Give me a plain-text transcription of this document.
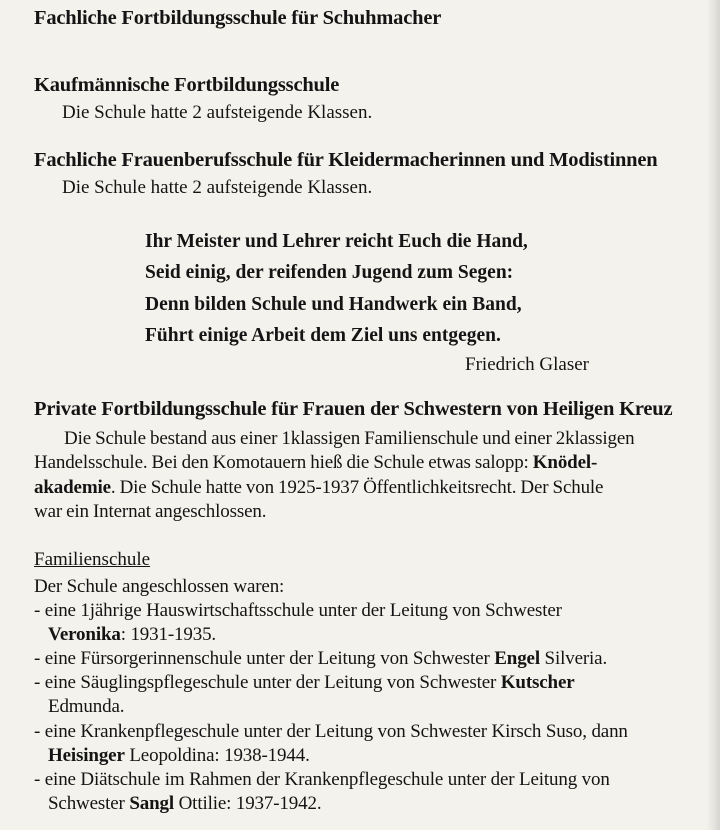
Fachliche Fortbildungsschule für Schuhmacher
Kaufmännische Fortbildungsschule
Die Schule hatte 2 aufsteigende Klassen.
Fachliche Frauenberufsschule für Kleidermacherinnen und Modistinnen
Die Schule hatte 2 aufsteigende Klassen.
Ihr Meister und Lehrer reicht Euch die Hand,
Seid einig, der reifenden Jugend zum Segen:
Denn bilden Schule und Handwerk ein Band,
Führt einige Arbeit dem Ziel uns entgegen.
Friedrich Glaser
Private Fortbildungsschule für Frauen der Schwestern von Heiligen Kreuz
Die Schule bestand aus einer 1klassigen Familienschule und einer 2klassigen
Handelsschule. Bei den Komotauern hieß die Schule etwas salopp: Knödel-
akademie. Die Schule hatte von 1925-1937 Öffentlichkeitsrecht. Der Schule
war ein Internat angeschlossen.
Familienschule
Der Schule angeschlossen waren:
- eine 1jährige Hauswirtschaftsschule unter der Leitung von Schwester
Veronika: 1931-1935.
- eine Fürsorgerinnenschule unter der Leitung von Schwester Engel Silveria.
- eine Säuglingspflegeschule unter der Leitung von Schwester Kutscher
Edmunda.
- eine Krankenpflegeschule unter der Leitung von Schwester Kirsch Suso, dann
Heisinger Leopoldina: 1938-1944.
- eine Diätschule im Rahmen der Krankenpflegeschule unter der Leitung von
Schwester Sangl Ottilie: 1937-1942.
